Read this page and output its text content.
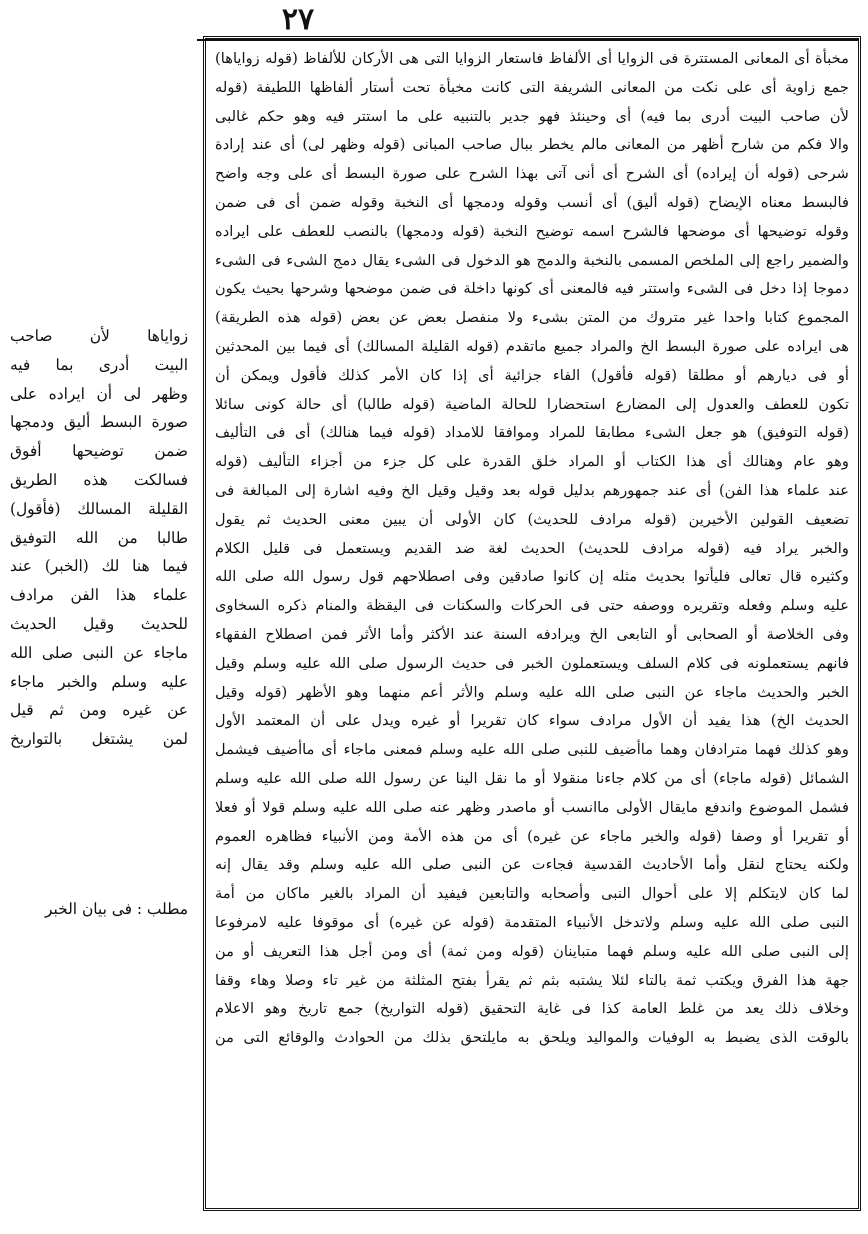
٢٧
مخبأة أى المعانى المستترة فى الزوايا أى الألفاظ فاستعار الزوايا التى هى الأركان للألفاظ (قوله زواياها)
جمع زاوية أى على نكت من المعانى الشريفة التى كانت مخبأة تحت أستار ألفاظها اللطيفة (قوله
لأن صاحب البيت أدرى بما فيه) أى وحينئذ فهو جدير بالتنبيه على ما استتر فيه وهو حكم غالبى
والا فكم من شارح أظهر من المعانى مالم يخطر ببال صاحب المبانى (قوله وظهر لى) أى عند إرادة
شرحى (قوله أن إيراده) أى الشرح أى أنى آتى بهذا الشرح على صورة البسط أى على وجه واضح
فالبسط معناه الإيضاح (قوله أليق) أى أنسب وقوله ودمجها أى النخبة وقوله ضمن أى فى ضمن
وقوله توضيحها أى موضحها فالشرح اسمه توضيح النخبة (قوله ودمجها) بالنصب للعطف على ايراده
والضمير راجع إلى الملخص المسمى بالنخبة والدمج هو الدخول فى الشىء يقال دمج الشىء فى الشىء
دموجا إذا دخل فى الشىء واستتر فيه فالمعنى أى كونها داخلة فى ضمن موضحها وشرحها بحيث يكون
المجموع كتابا واحدا غير متروك من المتن بشىء ولا منفصل بعض عن بعض (قوله هذه الطريقة)
هى ايراده على صورة البسط الخ والمراد جميع ماتقدم (قوله القليلة المسالك) أى فيما بين المحدثين
أو فى ديارهم أو مطلقا (قوله فأقول) الفاء جزائية أى إذا كان الأمر كذلك فأقول ويمكن أن
تكون للعطف والعدول إلى المضارع استحضارا للحالة الماضية (قوله طالبا) أى حالة كونى سائلا
(قوله التوفيق) هو جعل الشىء مطابقا للمراد وموافقا للامداد (قوله فيما هنالك) أى فى التأليف
وهو عام وهنالك أى هذا الكتاب أو المراد خلق القدرة على كل جزء من أجزاء التأليف (قوله
عند علماء هذا الفن) أى عند جمهورهم بدليل قوله بعد وقيل وقيل الخ وفيه اشارة إلى المبالغة فى
تضعيف القولين الأخيرين (قوله مرادف للحديث) كان الأولى أن يبين معنى الحديث ثم يقول
والخبر يراد فيه (قوله مرادف للحديث) الحديث لغة ضد القديم ويستعمل فى قليل الكلام
وكثيره قال تعالى فليأتوا بحديث مثله إن كانوا صادقين وفى اصطلاحهم قول رسول الله صلى الله
عليه وسلم وفعله وتقريره ووصفه حتى فى الحركات والسكنات فى اليقظة والمنام ذكره السخاوى
وفى الخلاصة أو الصحابى أو التابعى الخ ويرادفه السنة عند الأكثر وأما الأثر فمن اصطلاح الفقهاء
فانهم يستعملونه فى كلام السلف ويستعملون الخبر فى حديث الرسول صلى الله عليه وسلم وقيل
الخبر والحديث ماجاء عن النبى صلى الله عليه وسلم والأثر أعم منهما وهو الأظهر (قوله وقيل
الحديث الخ) هذا يفيد أن الأول مرادف سواء كان تقريرا أو غيره ويدل على أن المعتمد الأول
وهو كذلك فهما مترادفان وهما ماأضيف للنبى صلى الله عليه وسلم فمعنى ماجاء أى ماأضيف فيشمل
الشمائل (قوله ماجاء) أى من كلام جاءنا منقولا أو ما نقل الينا عن رسول الله صلى الله عليه وسلم
فشمل الموضوع واندفع مايقال الأولى ماانسب أو ماصدر وظهر عنه صلى الله عليه وسلم قولا أو فعلا
أو تقريرا أو وصفا (قوله والخبر ماجاء عن غيره) أى من هذه الأمة ومن الأنبياء فظاهره العموم
ولكنه يحتاج لنقل وأما الأحاديث القدسية فجاءت عن النبى صلى الله عليه وسلم وقد يقال إنه
لما كان لايتكلم إلا على أحوال النبى وأصحابه والتابعين فيفيد أن المراد بالغير ماكان من أمة
النبى صلى الله عليه وسلم ولاتدخل الأنبياء المتقدمة (قوله عن غيره) أى موقوفا عليه لامرفوعا
إلى النبى صلى الله عليه وسلم فهما متباينان (قوله ومن ثمة) أى ومن أجل هذا التعريف أو من
جهة هذا الفرق ويكتب ثمة بالتاء لئلا يشتبه بثم ثم يقرأ بفتح المثلثة من غير تاء وصلا وهاء وقفا
وخلاف ذلك يعد من غلط العامة كذا فى غاية التحقيق (قوله التواريخ) جمع تاريخ وهو الاعلام
بالوقت الذى يضبط به الوفيات والمواليد ويلحق به مايلتحق بذلك من الحوادث والوقائع التى من
زواياها لأن صاحب
البيت أدرى بما فيه
وظهر لى أن ايراده على
صورة البسط أليق ودمجها
ضمن توضيحها أفوق
فسالكت هذه الطريق
القليلة المسالك (فأقول)
طالبا من الله التوفيق
فيما هنا لك (الخبر) عند
علماء هذا الفن مرادف
للحديث وقيل الحديث
ماجاء عن النبى صلى الله
عليه وسلم والخبر ماجاء
عن غيره ومن ثم قيل
لمن يشتغل بالتواريخ
مطلب : فى بيان الخبر
